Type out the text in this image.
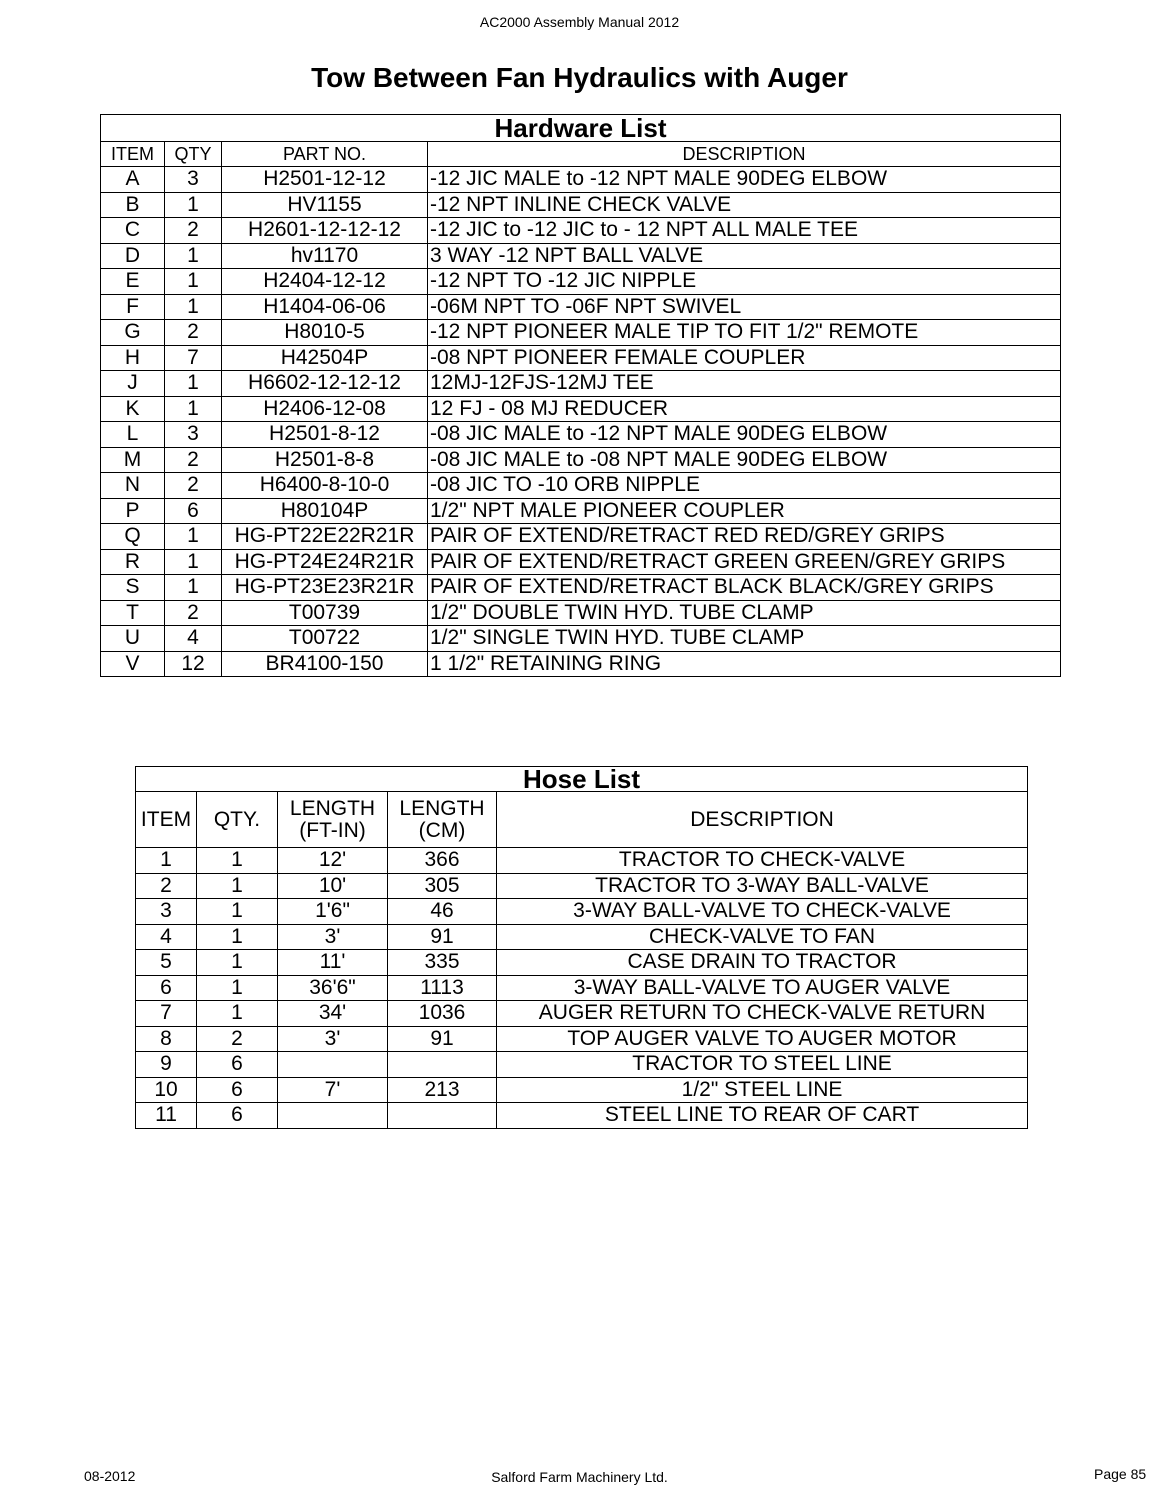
AC2000 Assembly Manual 2012
Tow Between Fan Hydraulics with Auger
Hardware List			
ITEM	QTY	PART NO.	DESCRIPTION
A	3	H2501-12-12	-12 JIC MALE to -12 NPT MALE 90DEG ELBOW
B	1	HV1155	-12 NPT INLINE CHECK VALVE
C	2	H2601-12-12-12	-12 JIC to -12 JIC to - 12 NPT ALL MALE TEE
D	1	hv1170	3 WAY -12 NPT BALL VALVE
E	1	H2404-12-12	-12 NPT TO -12 JIC NIPPLE
F	1	H1404-06-06	-06M NPT TO -06F NPT SWIVEL
G	2	H8010-5	-12 NPT PIONEER MALE TIP TO FIT 1/2" REMOTE
H	7	H42504P	-08 NPT PIONEER FEMALE COUPLER
J	1	H6602-12-12-12	12MJ-12FJS-12MJ TEE
K	1	H2406-12-08	12 FJ - 08 MJ REDUCER
L	3	H2501-8-12	-08 JIC MALE to -12 NPT MALE 90DEG ELBOW
M	2	H2501-8-8	-08 JIC MALE to -08 NPT MALE 90DEG ELBOW
N	2	H6400-8-10-0	-08 JIC TO -10 ORB NIPPLE
P	6	H80104P	1/2" NPT MALE PIONEER COUPLER
Q	1	HG-PT22E22R21R	PAIR OF EXTEND/RETRACT RED RED/GREY GRIPS
R	1	HG-PT24E24R21R	PAIR OF EXTEND/RETRACT GREEN GREEN/GREY GRIPS
S	1	HG-PT23E23R21R	PAIR OF EXTEND/RETRACT BLACK BLACK/GREY GRIPS
T	2	T00739	1/2" DOUBLE TWIN HYD. TUBE CLAMP
U	4	T00722	1/2" SINGLE TWIN HYD. TUBE CLAMP
V	12	BR4100-150	1 1/2" RETAINING RING
Hose List				
ITEM	QTY.	LENGTH (FT-IN)	LENGTH (CM)	DESCRIPTION
1	1	12'	366	TRACTOR TO CHECK-VALVE
2	1	10'	305	TRACTOR TO 3-WAY BALL-VALVE
3	1	1'6"	46	3-WAY BALL-VALVE TO CHECK-VALVE
4	1	3'	91	CHECK-VALVE TO FAN
5	1	11'	335	CASE DRAIN TO TRACTOR
6	1	36'6"	1113	3-WAY BALL-VALVE TO AUGER VALVE
7	1	34'	1036	AUGER RETURN TO CHECK-VALVE RETURN
8	2	3'	91	TOP AUGER VALVE TO AUGER MOTOR
9	6			TRACTOR TO STEEL LINE
10	6	7'	213	1/2" STEEL LINE
11	6			STEEL LINE TO REAR OF CART
08-2012	Salford Farm Machinery Ltd.	Page 85
